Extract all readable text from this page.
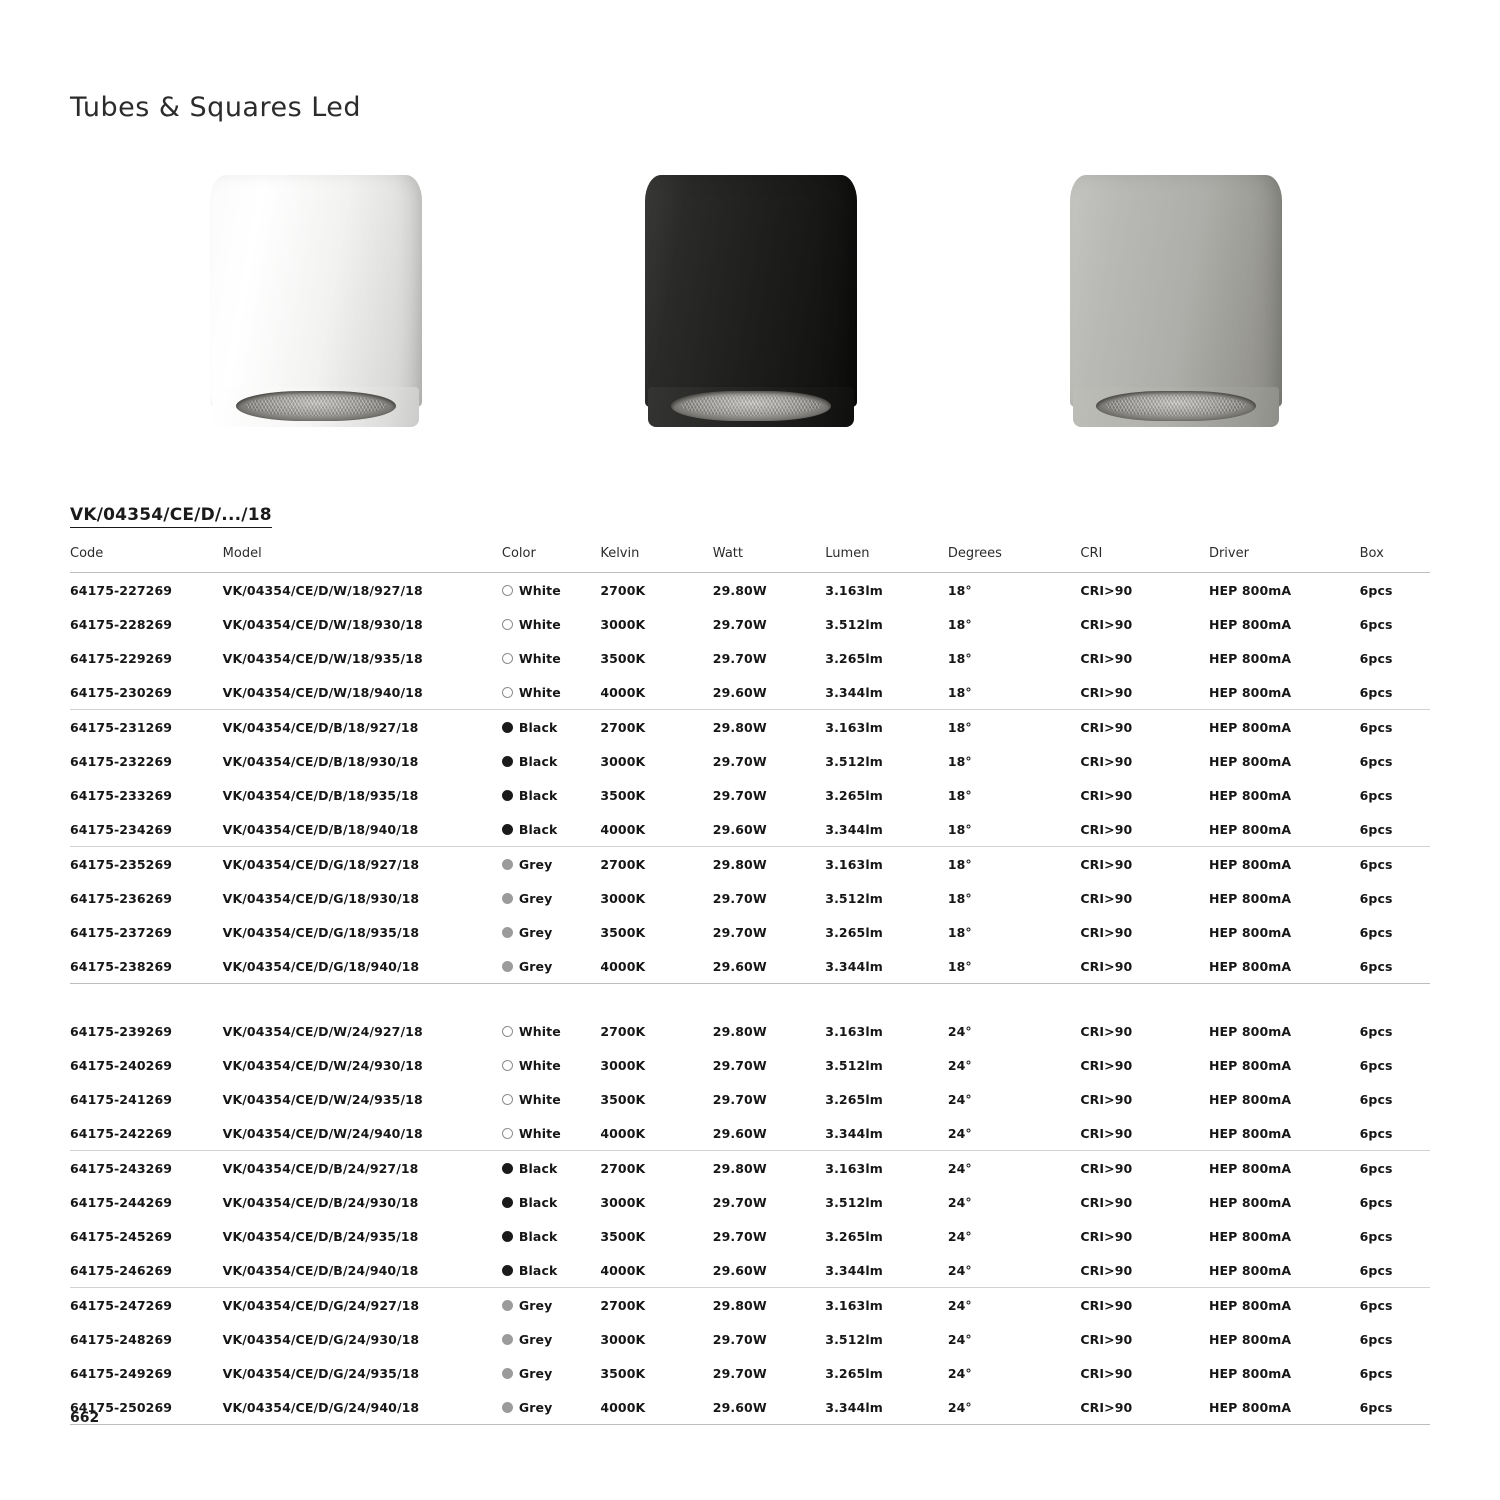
Tubes & Squares Led
VK/04354/CE/D/.../18
Code	Model	Color	Kelvin	Watt	Lumen	Degrees	CRI	Driver	Box
64175-227269	VK/04354/CE/D/W/18/927/18	White	2700K	29.80W	3.163lm	18°	CRI>90	HEP 800mA	6pcs
64175-228269	VK/04354/CE/D/W/18/930/18	White	3000K	29.70W	3.512lm	18°	CRI>90	HEP 800mA	6pcs
64175-229269	VK/04354/CE/D/W/18/935/18	White	3500K	29.70W	3.265lm	18°	CRI>90	HEP 800mA	6pcs
64175-230269	VK/04354/CE/D/W/18/940/18	White	4000K	29.60W	3.344lm	18°	CRI>90	HEP 800mA	6pcs
64175-231269	VK/04354/CE/D/B/18/927/18	Black	2700K	29.80W	3.163lm	18°	CRI>90	HEP 800mA	6pcs
64175-232269	VK/04354/CE/D/B/18/930/18	Black	3000K	29.70W	3.512lm	18°	CRI>90	HEP 800mA	6pcs
64175-233269	VK/04354/CE/D/B/18/935/18	Black	3500K	29.70W	3.265lm	18°	CRI>90	HEP 800mA	6pcs
64175-234269	VK/04354/CE/D/B/18/940/18	Black	4000K	29.60W	3.344lm	18°	CRI>90	HEP 800mA	6pcs
64175-235269	VK/04354/CE/D/G/18/927/18	Grey	2700K	29.80W	3.163lm	18°	CRI>90	HEP 800mA	6pcs
64175-236269	VK/04354/CE/D/G/18/930/18	Grey	3000K	29.70W	3.512lm	18°	CRI>90	HEP 800mA	6pcs
64175-237269	VK/04354/CE/D/G/18/935/18	Grey	3500K	29.70W	3.265lm	18°	CRI>90	HEP 800mA	6pcs
64175-238269	VK/04354/CE/D/G/18/940/18	Grey	4000K	29.60W	3.344lm	18°	CRI>90	HEP 800mA	6pcs

64175-239269	VK/04354/CE/D/W/24/927/18	White	2700K	29.80W	3.163lm	24°	CRI>90	HEP 800mA	6pcs
64175-240269	VK/04354/CE/D/W/24/930/18	White	3000K	29.70W	3.512lm	24°	CRI>90	HEP 800mA	6pcs
64175-241269	VK/04354/CE/D/W/24/935/18	White	3500K	29.70W	3.265lm	24°	CRI>90	HEP 800mA	6pcs
64175-242269	VK/04354/CE/D/W/24/940/18	White	4000K	29.60W	3.344lm	24°	CRI>90	HEP 800mA	6pcs
64175-243269	VK/04354/CE/D/B/24/927/18	Black	2700K	29.80W	3.163lm	24°	CRI>90	HEP 800mA	6pcs
64175-244269	VK/04354/CE/D/B/24/930/18	Black	3000K	29.70W	3.512lm	24°	CRI>90	HEP 800mA	6pcs
64175-245269	VK/04354/CE/D/B/24/935/18	Black	3500K	29.70W	3.265lm	24°	CRI>90	HEP 800mA	6pcs
64175-246269	VK/04354/CE/D/B/24/940/18	Black	4000K	29.60W	3.344lm	24°	CRI>90	HEP 800mA	6pcs
64175-247269	VK/04354/CE/D/G/24/927/18	Grey	2700K	29.80W	3.163lm	24°	CRI>90	HEP 800mA	6pcs
64175-248269	VK/04354/CE/D/G/24/930/18	Grey	3000K	29.70W	3.512lm	24°	CRI>90	HEP 800mA	6pcs
64175-249269	VK/04354/CE/D/G/24/935/18	Grey	3500K	29.70W	3.265lm	24°	CRI>90	HEP 800mA	6pcs
64175-250269	VK/04354/CE/D/G/24/940/18	Grey	4000K	29.60W	3.344lm	24°	CRI>90	HEP 800mA	6pcs
662
